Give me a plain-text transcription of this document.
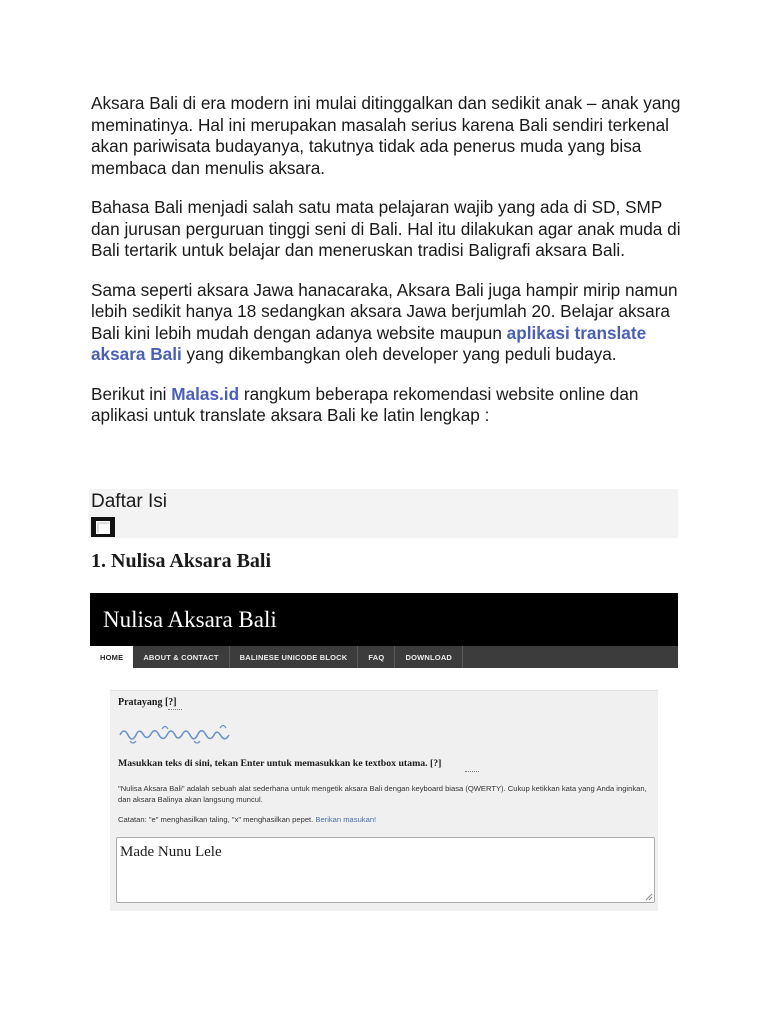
Aksara Bali di era modern ini mulai ditinggalkan dan sedikit anak – anak yang meminatinya. Hal ini merupakan masalah serius karena Bali sendiri terkenal akan pariwisata budayanya, takutnya tidak ada penerus muda yang bisa membaca dan menulis aksara.

Bahasa Bali menjadi salah satu mata pelajaran wajib yang ada di SD, SMP dan jurusan perguruan tinggi seni di Bali. Hal itu dilakukan agar anak muda di Bali tertarik untuk belajar dan meneruskan tradisi Baligrafi aksara Bali.

Sama seperti aksara Jawa hanacaraka, Aksara Bali juga hampir mirip namun lebih sedikit hanya 18 sedangkan aksara Jawa berjumlah 20. Belajar aksara Bali kini lebih mudah dengan adanya website maupun aplikasi translate aksara Bali yang dikembangkan oleh developer yang peduli budaya.

Berikut ini Malas.id rangkum beberapa rekomendasi website online dan aplikasi untuk translate aksara Bali ke latin lengkap :

Daftar Isi
1. Nulisa Aksara Bali
Nulisa Aksara Bali
HOME	ABOUT & CONTACT	BALINESE UNICODE BLOCK	FAQ	DOWNLOAD
Pratayang [?]
Masukkan teks di sini, tekan Enter untuk memasukkan ke textbox utama. [?]
"Nulisa Aksara Bali" adalah sebuah alat sederhana untuk mengetik aksara Bali dengan keyboard biasa (QWERTY). Cukup ketikkan kata yang Anda inginkan, dan aksara Balinya akan langsung muncul.
Catatan: "e" menghasilkan taling, "x" menghasilkan pepet. Berikan masukan!
Made Nunu Lele
